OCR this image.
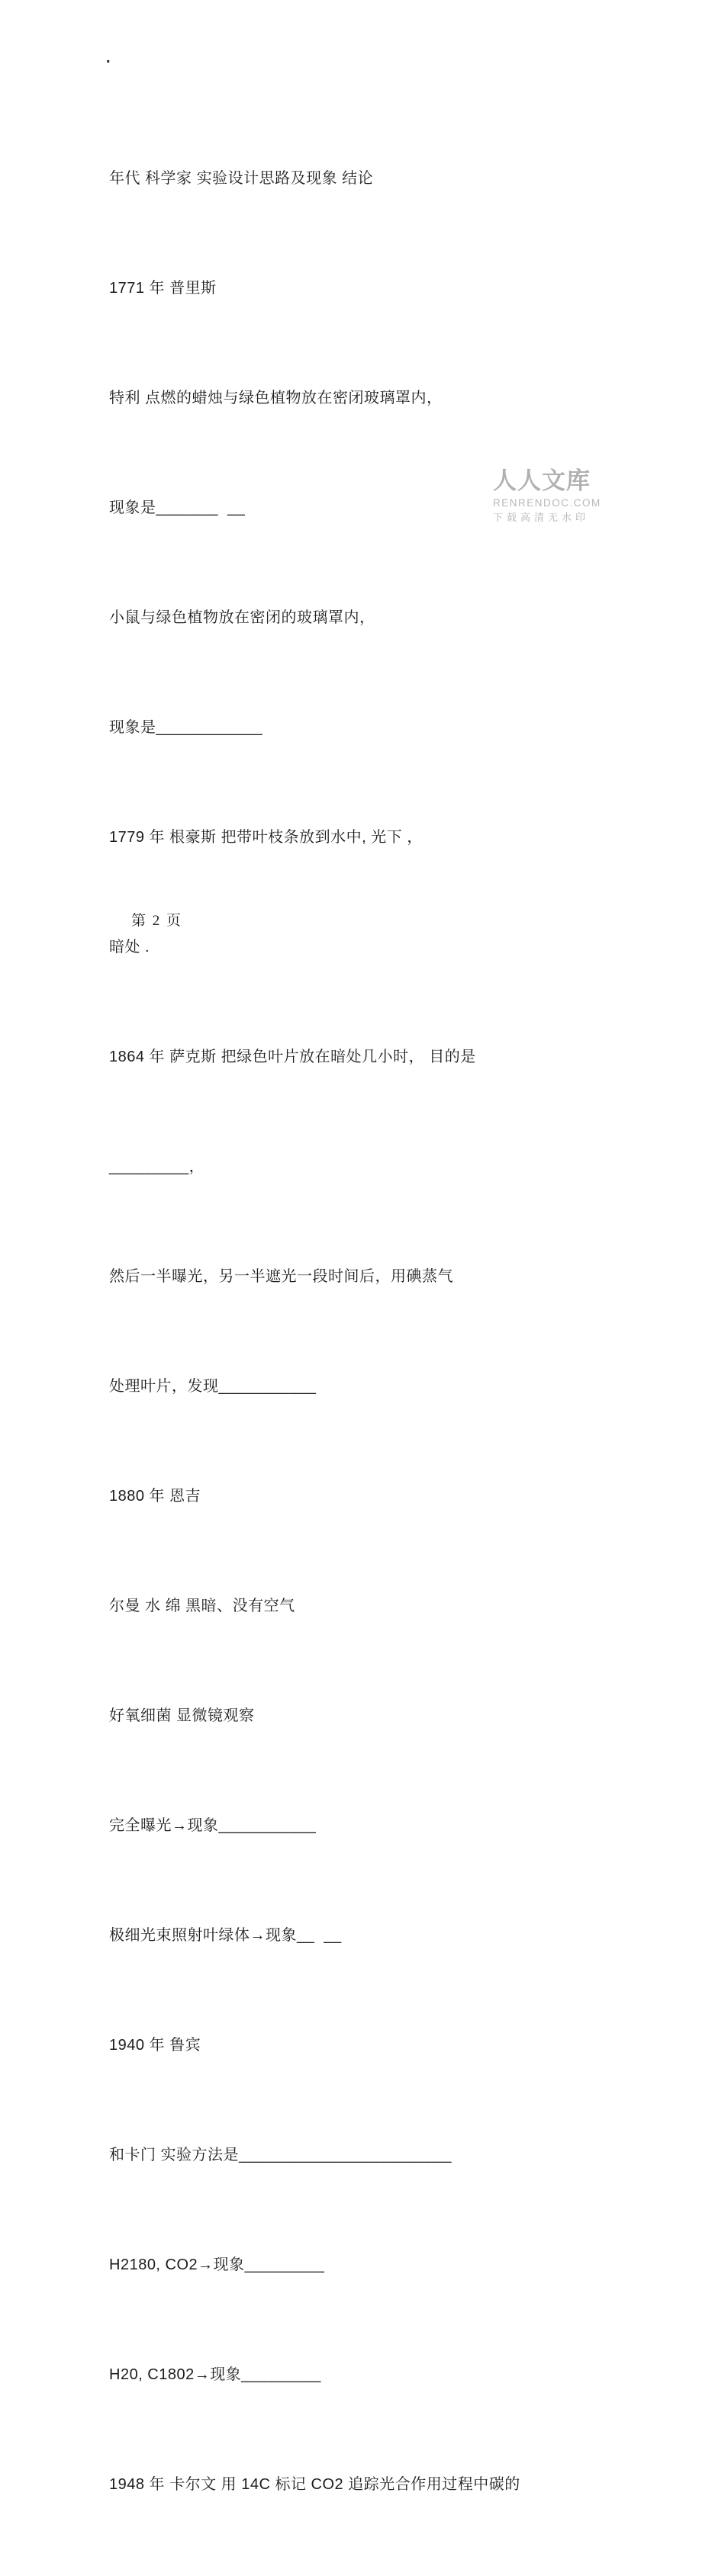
.

年代 科学家 实验设计思路及现象 结论

1771 年 普里斯

特利 点燃的蜡烛与绿色植物放在密闭玻璃罩内，

现象是_______  __

小鼠与绿色植物放在密闭的玻璃罩内，

现象是____________

1779 年 根豪斯 把带叶枝条放到水中, 光下 ，

暗处 .

1864 年 萨克斯 把绿色叶片放在暗处几小时， 目的是

_________，

然后一半曝光，另一半遮光一段时间后，用碘蒸气

处理叶片，发现___________

1880 年 恩吉

尔曼 水 绵 黑暗、没有空气

好氧细菌 显微镜观察

完全曝光→现象___________

极细光束照射叶绿体→现象__  __

1940 年 鲁宾

和卡门 实验方法是________________________

H2180, CO2→现象_________

H20, C1802→现象_________

1948 年 卡尔文 用 14C 标记 CO2 追踪光合作用过程中碳的

人人文库
RENRENDOC.COM
下载高清无水印
第 2 页
